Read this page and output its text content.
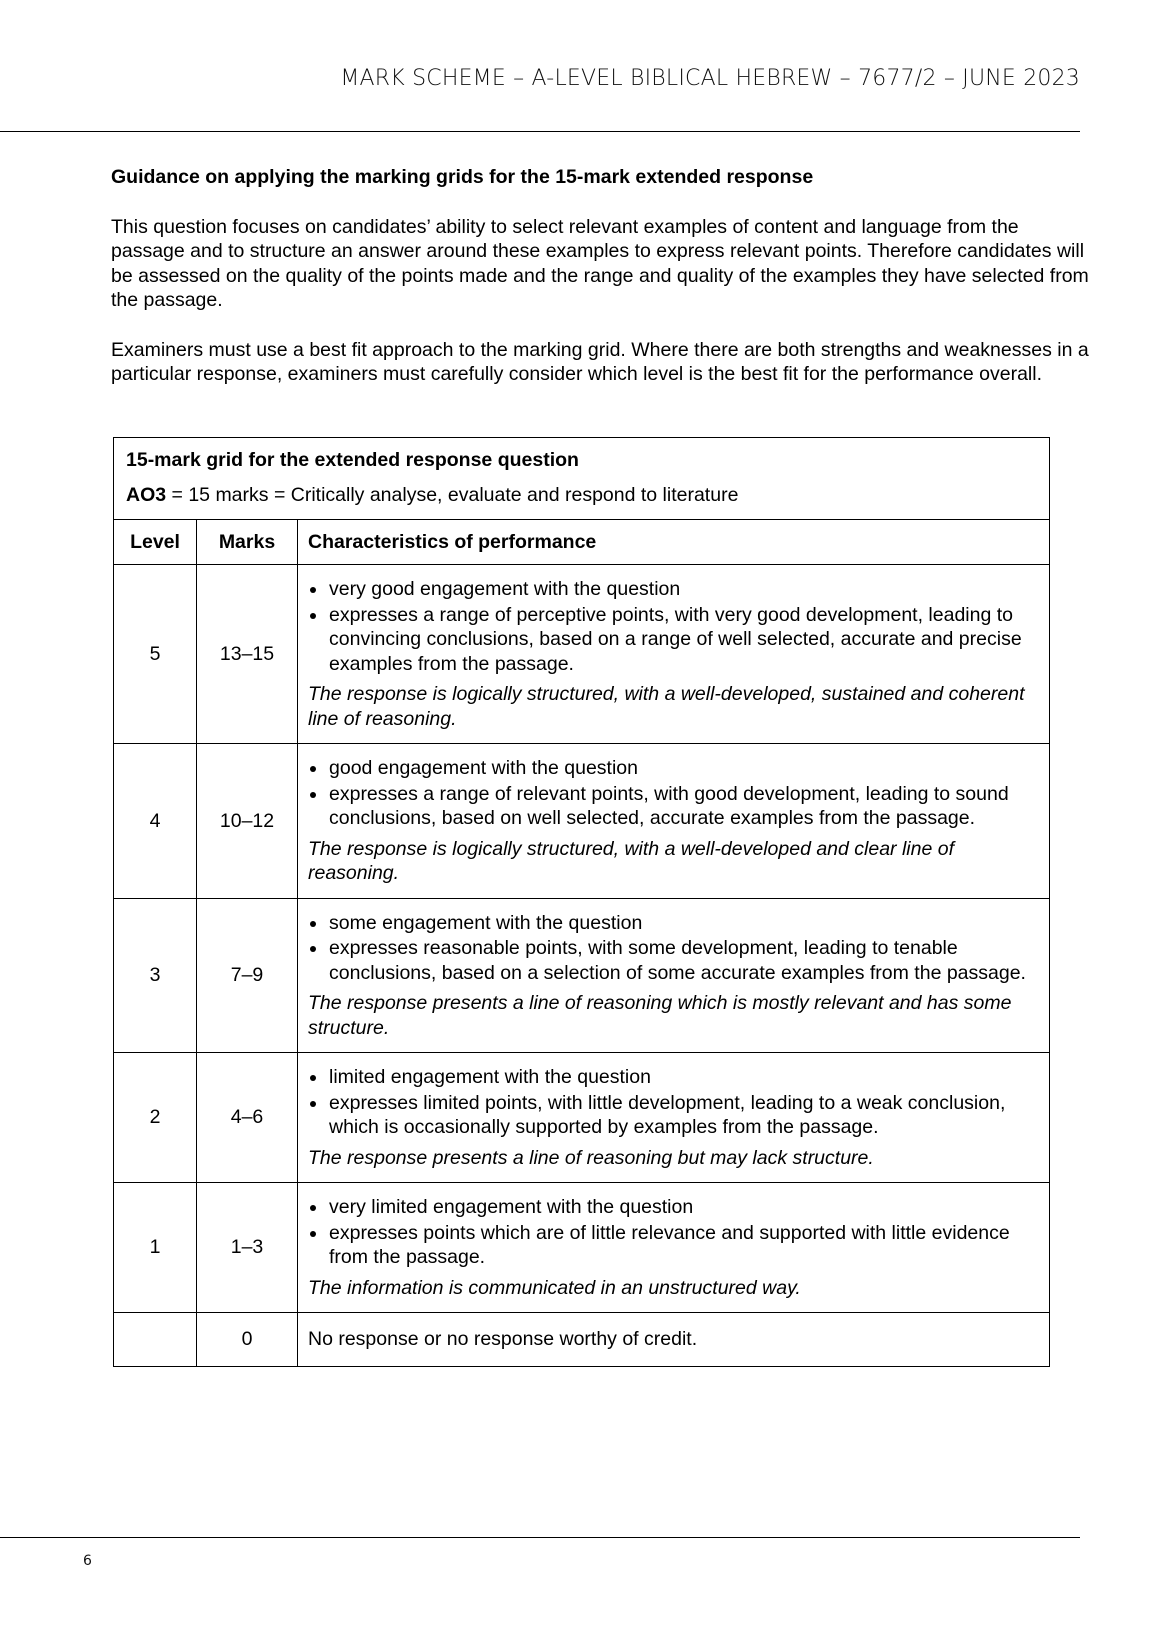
MARK SCHEME – A-LEVEL BIBLICAL HEBREW – 7677/2 – JUNE 2023

Guidance on applying the marking grids for the 15-mark extended response

This question focuses on candidates’ ability to select relevant examples of content and language from the passage and to structure an answer around these examples to express relevant points. Therefore candidates will be assessed on the quality of the points made and the range and quality of the examples they have selected from the passage.

Examiners must use a best fit approach to the marking grid. Where there are both strengths and weaknesses in a particular response, examiners must carefully consider which level is the best fit for the performance overall.

15-mark grid for the extended response question
AO3 = 15 marks = Critically analyse, evaluate and respond to literature		

Level	Marks	Characteristics of performance
5	13–15	
very good engagement with the question
expresses a range of perceptive points, with very good development, leading to convincing conclusions, based on a range of well selected, accurate and precise examples from the passage.
The response is logically structured, with a well-developed, sustained and coherent line of reasoning.

4	10–12	
good engagement with the question
expresses a range of relevant points, with good development, leading to sound conclusions, based on well selected, accurate examples from the passage.
The response is logically structured, with a well-developed and clear line of reasoning.

3	7–9	
some engagement with the question
expresses reasonable points, with some development, leading to tenable conclusions, based on a selection of some accurate examples from the passage.
The response presents a line of reasoning which is mostly relevant and has some structure.

2	4–6	
limited engagement with the question
expresses limited points, with little development, leading to a weak conclusion, which is occasionally supported by examples from the passage.
The response presents a line of reasoning but may lack structure.

1	1–3	
very limited engagement with the question
expresses points which are of little relevance and supported with little evidence from the passage.
The information is communicated in an unstructured way.

	0	No response or no response worthy of credit.
6
